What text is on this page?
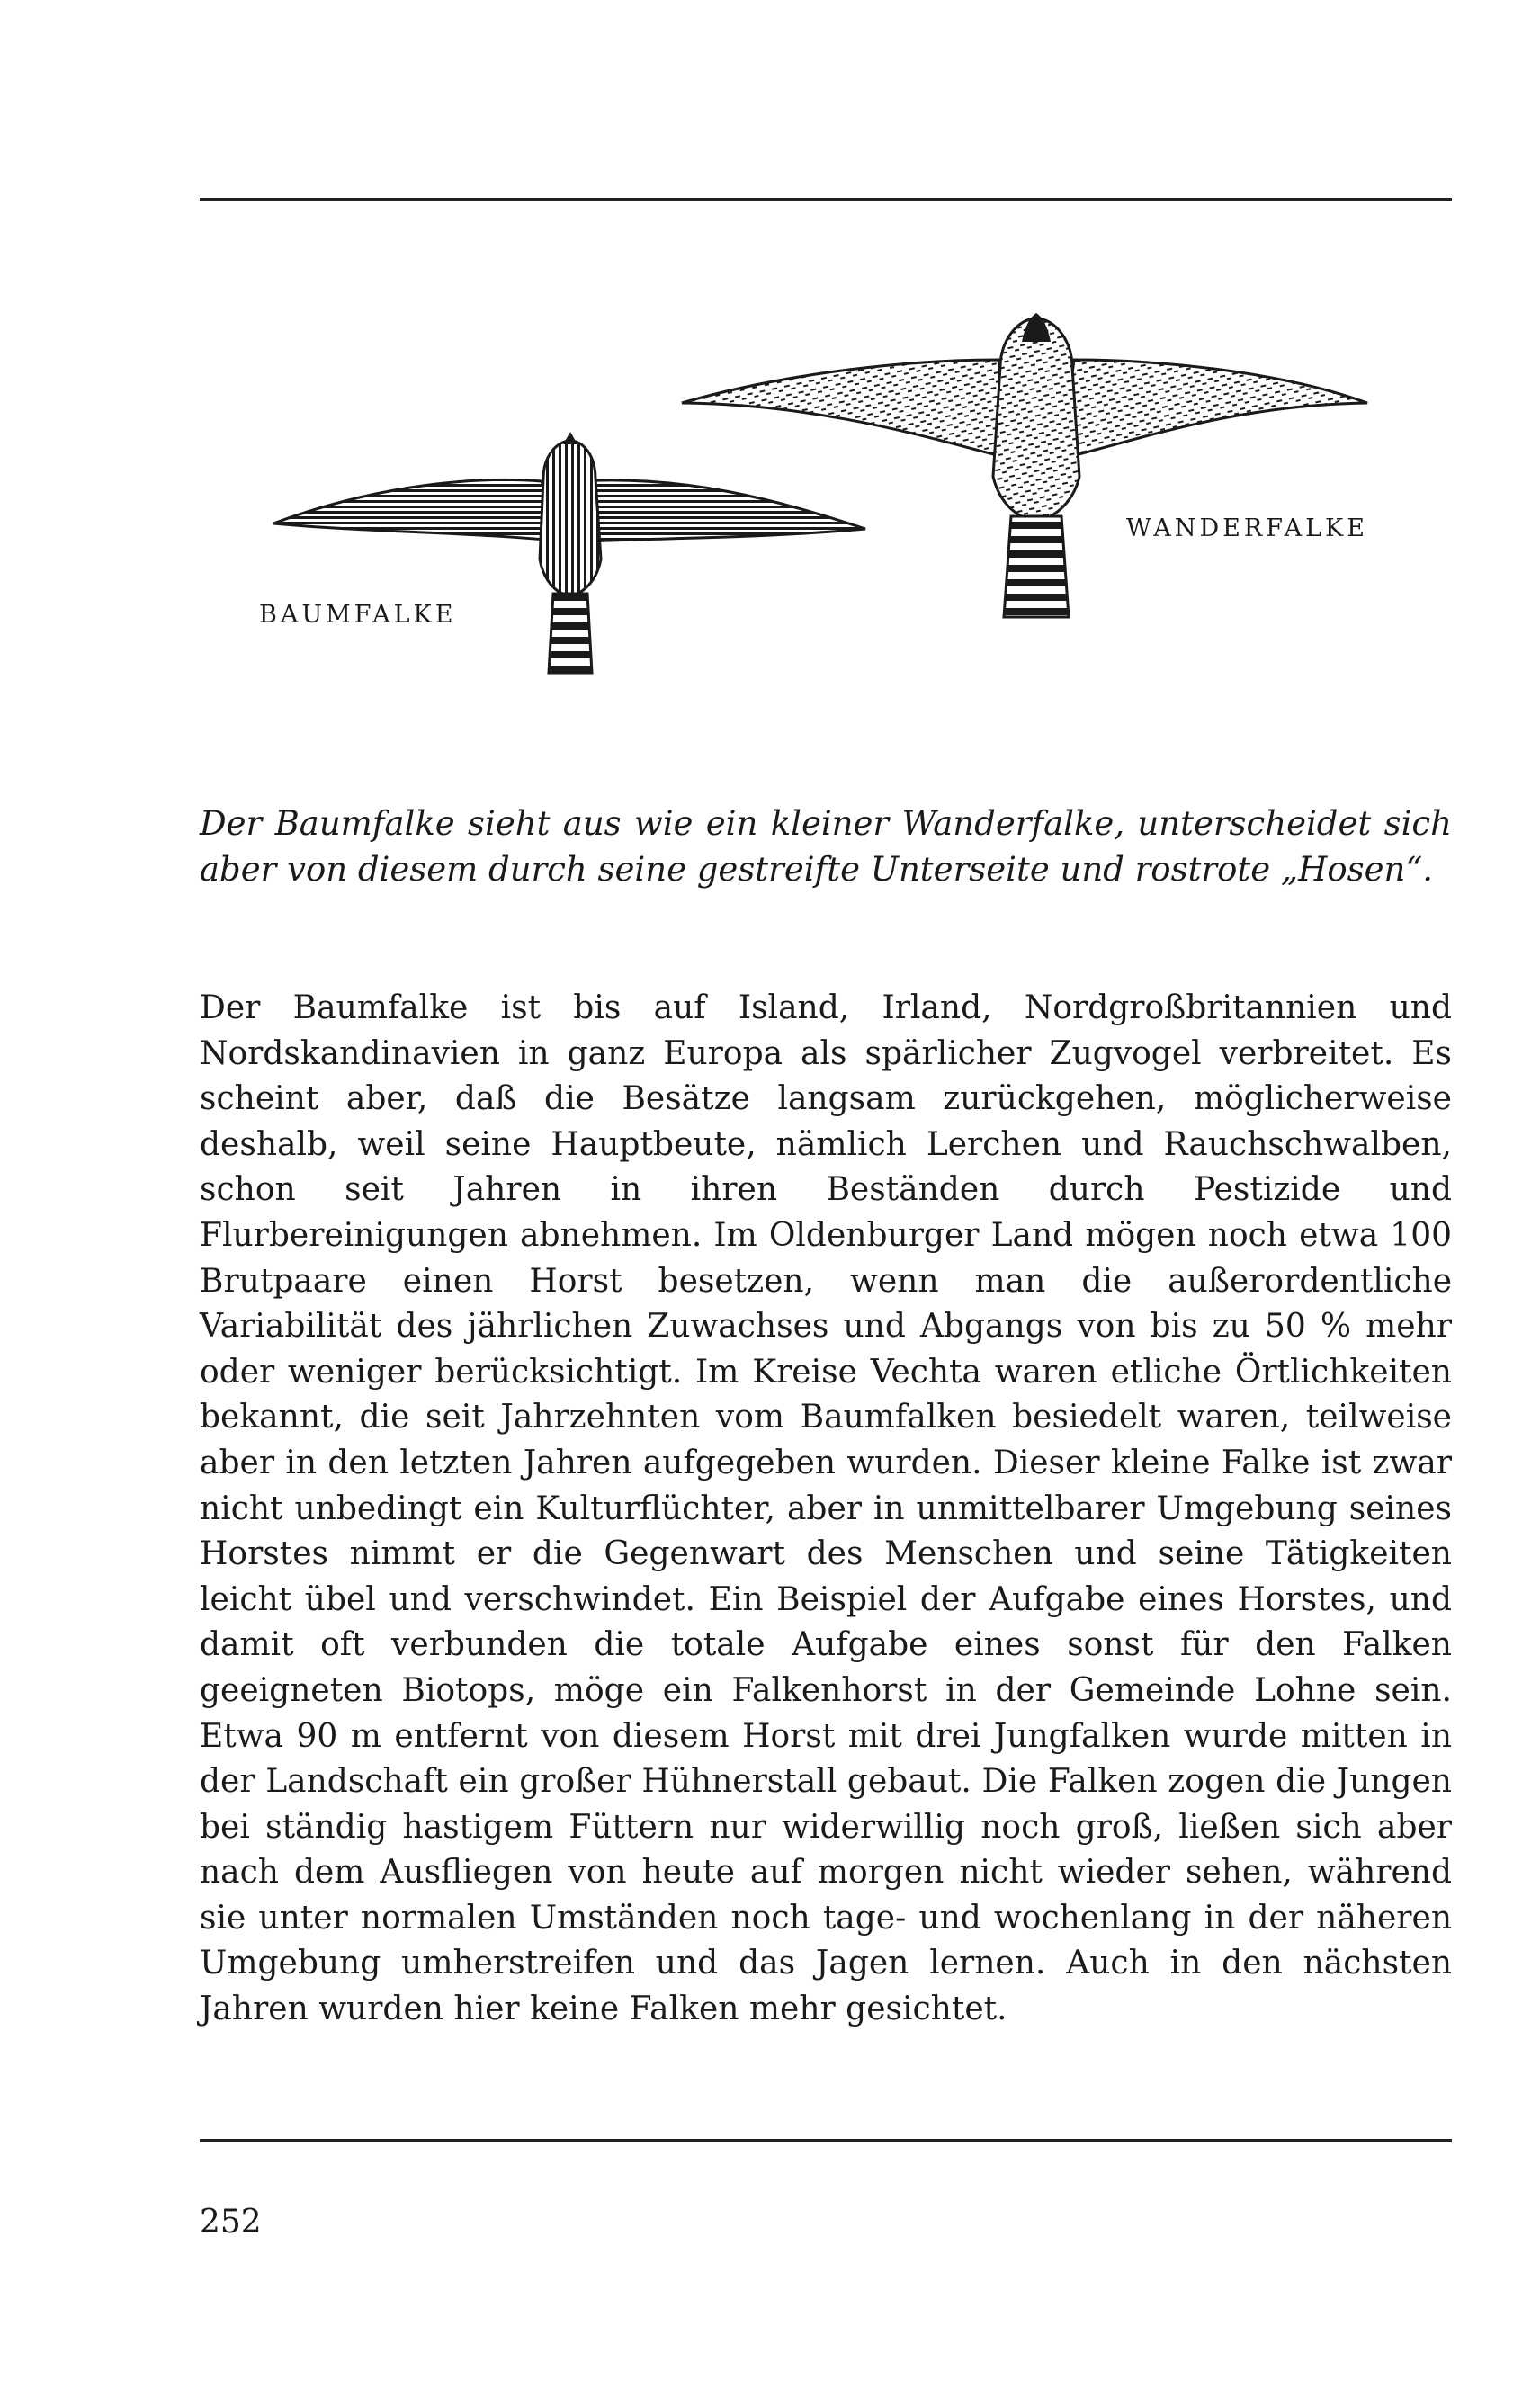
BAUMFALKE
WANDERFALKE

Der Baumfalke sieht aus wie ein kleiner Wanderfalke, unterscheidet sich aber von diesem durch seine gestreifte Unterseite und rostrote „Hosen“.

Der Baumfalke ist bis auf Island, Irland, Nordgroßbritannien und Nordskandinavien in ganz Europa als spärlicher Zugvogel verbreitet. Es scheint aber, daß die Besätze langsam zurückgehen, möglicherweise deshalb, weil seine Hauptbeute, nämlich Lerchen und Rauchschwalben, schon seit Jahren in ihren Beständen durch Pestizide und Flurbereinigungen abnehmen. Im Oldenburger Land mögen noch etwa 100 Brutpaare einen Horst besetzen, wenn man die außerordentliche Variabilität des jährlichen Zuwachses und Abgangs von bis zu 50 % mehr oder weniger berücksichtigt. Im Kreise Vechta waren etliche Örtlichkeiten bekannt, die seit Jahrzehnten vom Baumfalken besiedelt waren, teilweise aber in den letzten Jahren aufgegeben wurden. Dieser kleine Falke ist zwar nicht unbedingt ein Kulturflüchter, aber in unmittelbarer Umgebung seines Horstes nimmt er die Gegenwart des Menschen und seine Tätigkeiten leicht übel und verschwindet. Ein Beispiel der Aufgabe eines Horstes, und damit oft verbunden die totale Aufgabe eines sonst für den Falken geeigneten Biotops, möge ein Falkenhorst in der Gemeinde Lohne sein. Etwa 90 m entfernt von diesem Horst mit drei Jungfalken wurde mitten in der Landschaft ein großer Hühnerstall gebaut. Die Falken zogen die Jungen bei ständig hastigem Füttern nur widerwillig noch groß, ließen sich aber nach dem Ausfliegen von heute auf morgen nicht wieder sehen, während sie unter normalen Umständen noch tage- und wochenlang in der näheren Umgebung umherstreifen und das Jagen lernen. Auch in den nächsten Jahren wurden hier keine Falken mehr gesichtet.

252
